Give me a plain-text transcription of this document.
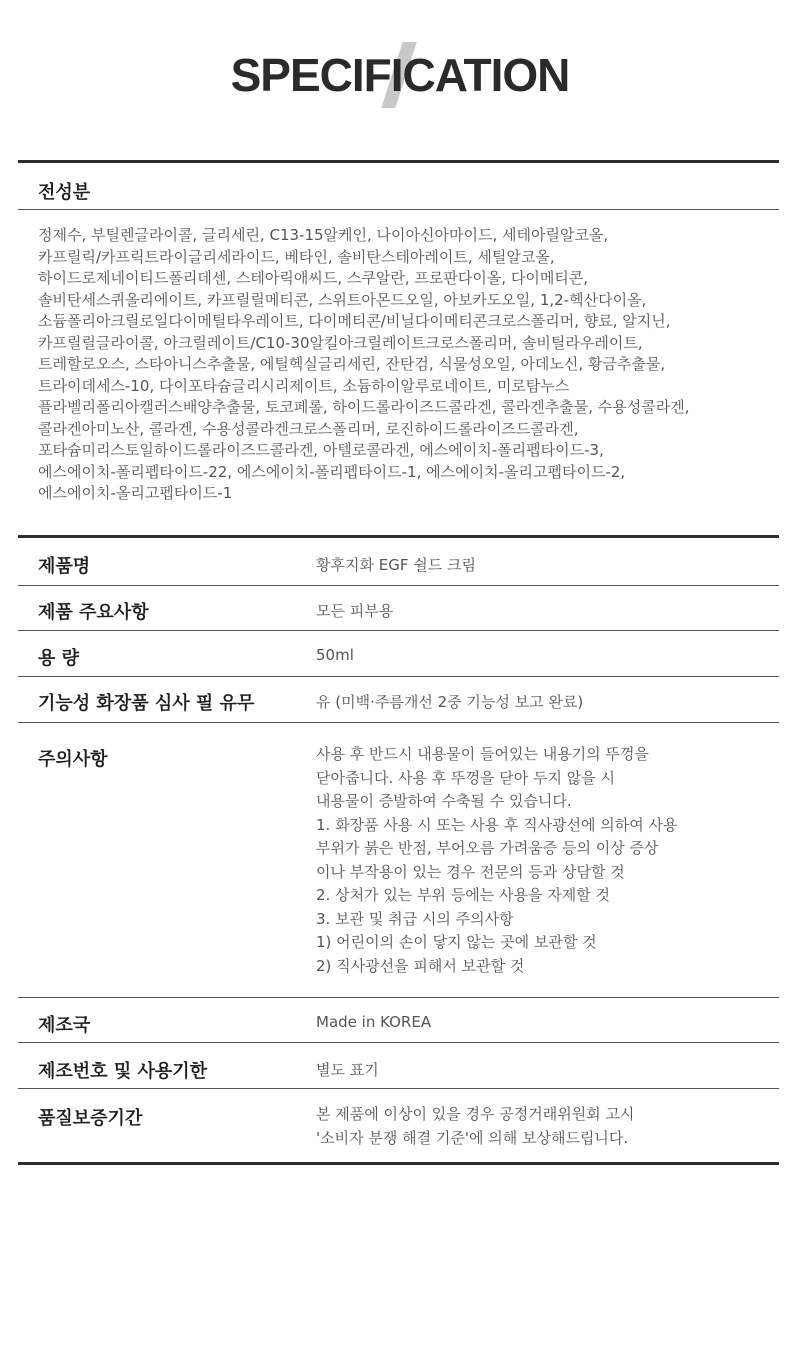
SPECIFICATION
전성분
정제수, 부틸렌글라이콜, 글리세린, C13-15알케인, 나이아신아마이드, 세테아릴알코올,
카프릴릭/카프릭트라이글리세라이드, 베타인, 솔비탄스테아레이트, 세틸알코올,
하이드로제네이티드폴리데센, 스테아릭애씨드, 스쿠알란, 프로판다이올, 다이메티콘,
솔비탄세스퀴올리에이트, 카프릴릴메티콘, 스위트아몬드오일, 아보카도오일, 1,2-헥산다이올,
소듐폴리아크릴로일다이메틸타우레이트, 다이메티콘/비닐다이메티콘크로스폴리머, 향료, 알지닌,
카프릴릴글라이콜, 아크릴레이트/C10-30알킬아크릴레이트크로스폴리머, 솔비틸라우레이트,
트레할로오스, 스타아니스추출물, 에틸헥실글리세린, 잔탄검, 식물성오일, 아데노신, 황금추출물,
트라이데세스-10, 다이포타슘글리시리제이트, 소듐하이알루로네이트, 미로탐누스
플라벨리폴리아캘러스배양추출물, 토코페롤, 하이드롤라이즈드콜라겐, 콜라겐추출물, 수용성콜라겐,
콜라겐아미노산, 콜라겐, 수용성콜라겐크로스폴리머, 로진하이드롤라이즈드콜라겐,
포타슘미리스토일하이드롤라이즈드콜라겐, 아텔로콜라겐, 에스에이치-폴리펩타이드-3,
에스에이치-폴리펩타이드-22, 에스에이치-폴리펩타이드-1, 에스에이치-올리고펩타이드-2,
에스에이치-올리고펩타이드-1
제품명	황후지화 EGF 쉴드 크림
제품 주요사항	모든 피부용
용 량	50ml
기능성 화장품 심사 필 유무	유 (미백·주름개선 2중 기능성 보고 완료)
주의사항	사용 후 반드시 내용물이 들어있는 내용기의 뚜껑을
닫아줍니다. 사용 후 뚜껑을 닫아 두지 않을 시
내용물이 증발하여 수축될 수 있습니다.
1. 화장품 사용 시 또는 사용 후 직사광선에 의하여 사용
부위가 붉은 반점, 부어오름 가려움증 등의 이상 증상
이나 부작용이 있는 경우 전문의 등과 상담할 것
2. 상처가 있는 부위 등에는 사용을 자제할 것
3. 보관 및 취급 시의 주의사항
1) 어린이의 손이 닿지 않는 곳에 보관할 것
2) 직사광선을 피해서 보관할 것
제조국	Made in KOREA
제조번호 및 사용기한	별도 표기
품질보증기간	본 제품에 이상이 있을 경우 공정거래위원회 고시
'소비자 분쟁 해결 기준'에 의해 보상해드립니다.
